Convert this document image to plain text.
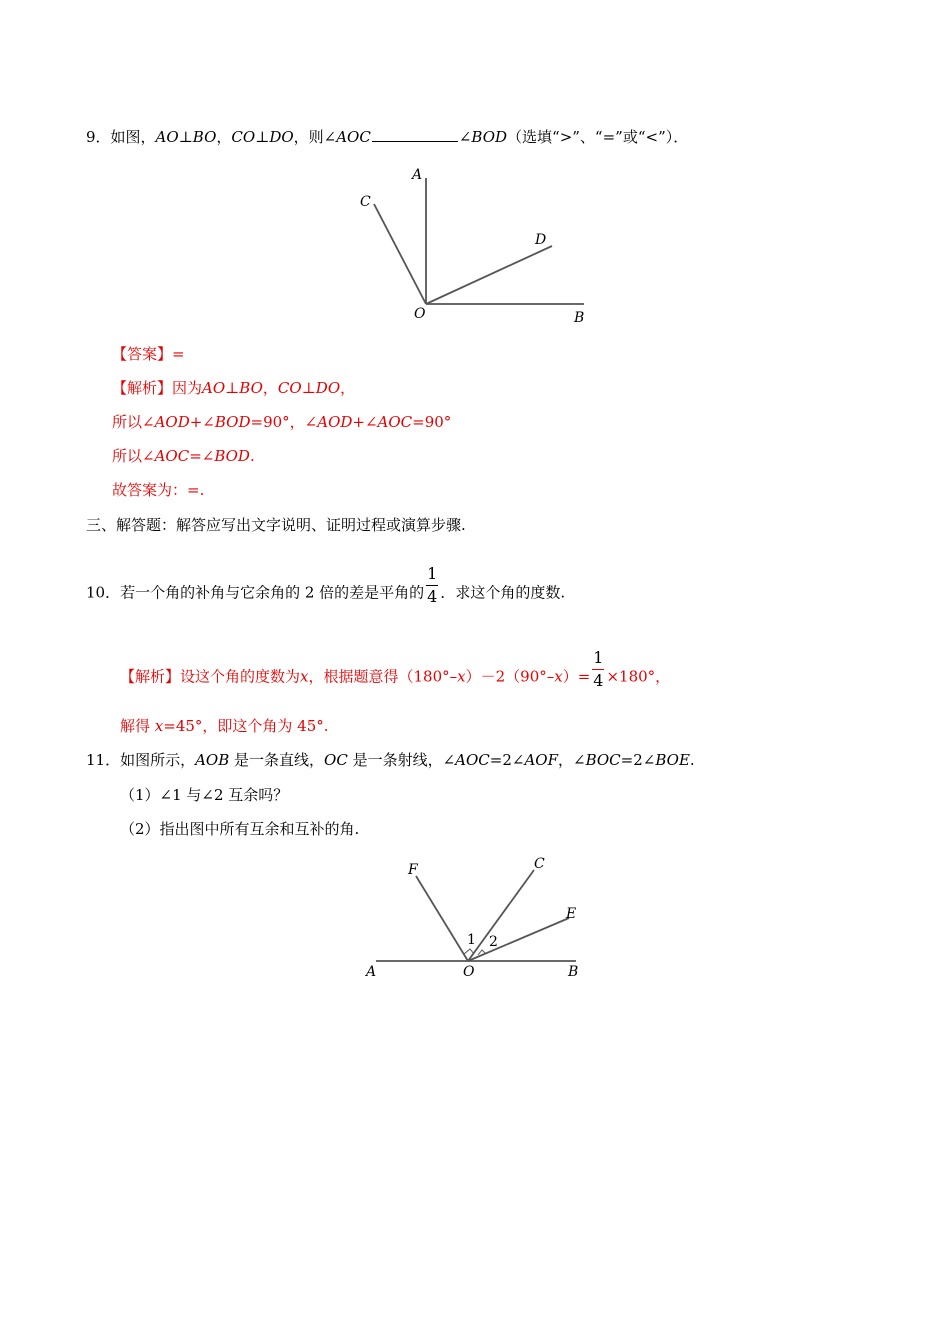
9．如图，AO⊥BO，CO⊥DO，则∠AOC	∠BOD（选填“>”、“=”或“<”）．
A
C
D
O	B
【答案】=
【解析】因为AO⊥BO，CO⊥DO，
所以∠AOD+∠BOD=90°，∠AOD+∠AOC=90°
所以∠AOC=∠BOD.
故答案为：=.
三、解答题：解答应写出文字说明、证明过程或演算步骤.
10．若一个角的补角与它余角的 2 倍的差是平角的 $\frac{1}{4}$ ．求这个角的度数.
【解析】设这个角的度数为x，根据题意得$(180^\circ-x)-2(90^\circ-x)= \frac{1}{4} \times 180^\circ$，
解得 x=45°，即这个角为 45°.
11．如图所示，AOB 是一条直线，OC 是一条射线，∠AOC=2∠AOF，∠BOC=2∠BOE.
（1）∠1 与∠2 互余吗？
（2）指出图中所有互余和互补的角.
F	C
E
1 2
A	O	B
